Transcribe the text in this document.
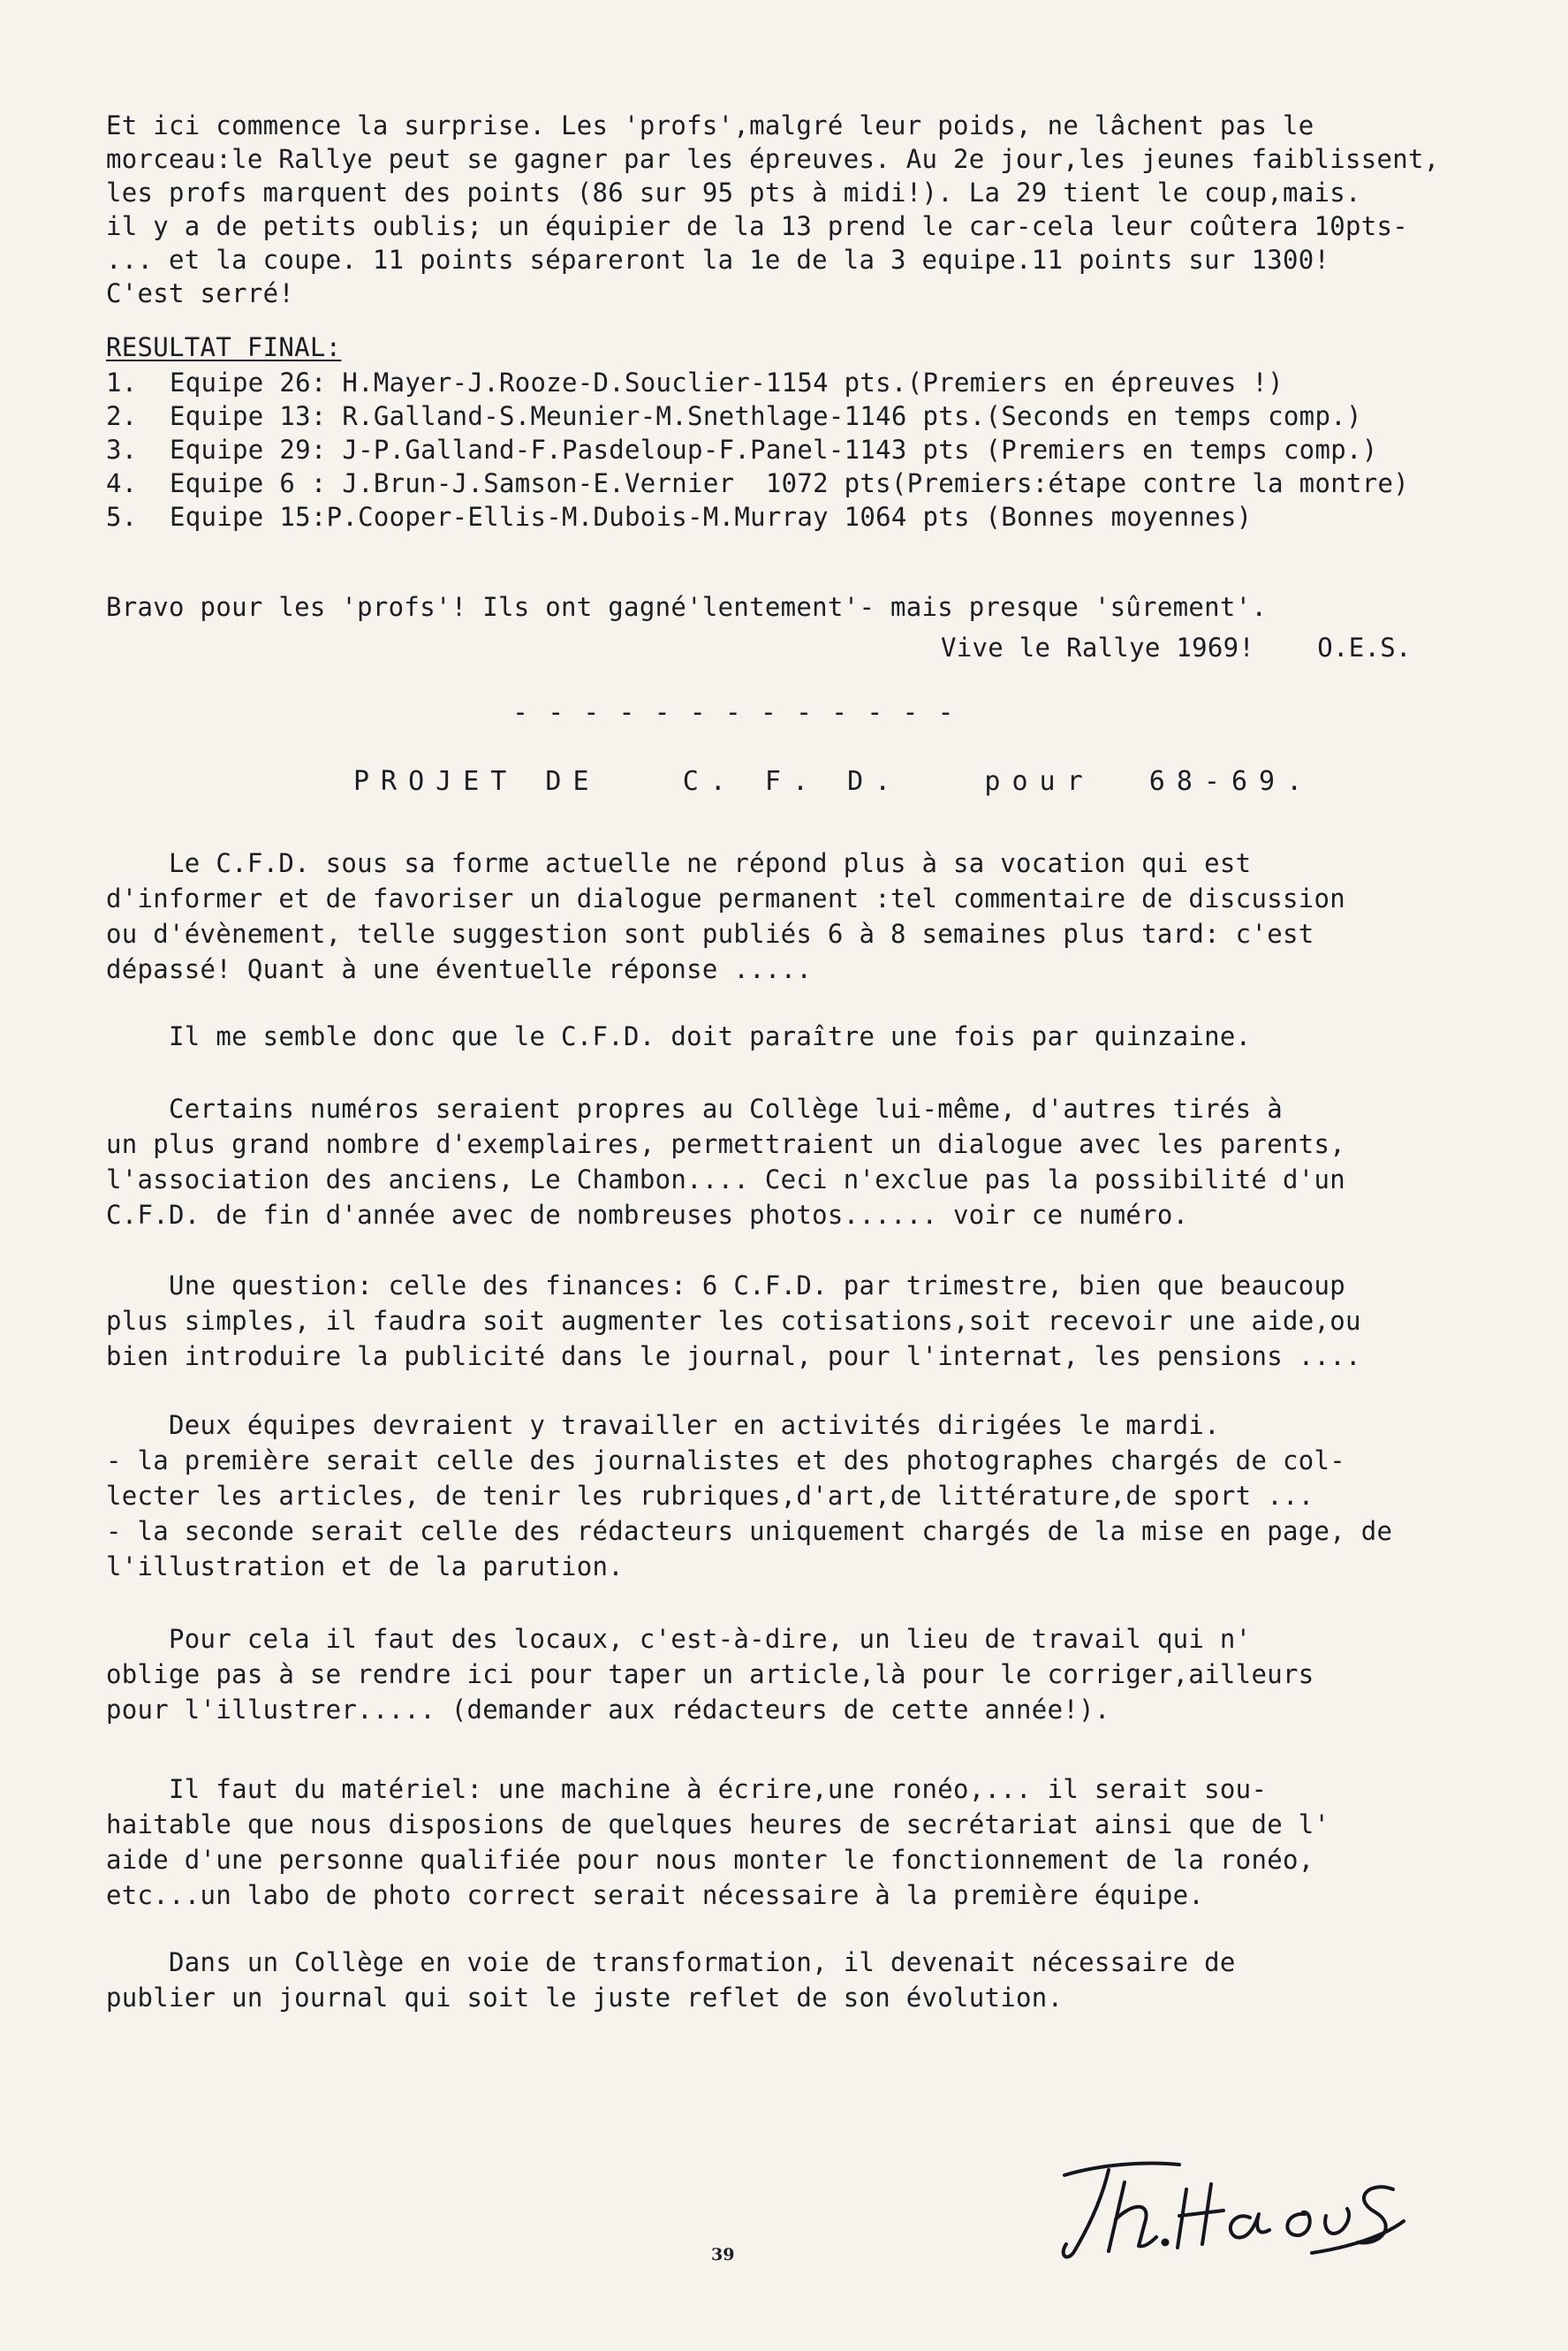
Et ici commence la surprise. Les 'profs',malgré leur poids, ne lâchent pas le
morceau:le Rallye peut se gagner par les épreuves. Au 2e jour,les jeunes faiblissent,
les profs marquent des points (86 sur 95 pts à midi!). La 29 tient le coup,mais.
il y a de petits oublis; un équipier de la 13 prend le car-cela leur coûtera 10pts-
... et la coupe. 11 points sépareront la 1e de la 3 equipe.11 points sur 1300!
C'est serré!
RESULTAT FINAL:
1. Equipe 26: H.Mayer-J.Rooze-D.Souclier-1154 pts.(Premiers en épreuves !)
2. Equipe 13: R.Galland-S.Meunier-M.Snethlage-1146 pts.(Seconds en temps comp.)
3. Equipe 29: J-P.Galland-F.Pasdeloup-F.Panel-1143 pts (Premiers en temps comp.)
4. Equipe 6 : J.Brun-J.Samson-E.Vernier  1072 pts(Premiers:étape contre la montre)
5. Equipe 15:P.Cooper-Ellis-M.Dubois-M.Murray 1064 pts (Bonnes moyennes)
Bravo pour les 'profs'! Ils ont gagné'lentement'- mais presque 'sûrement'.
Vive le Rallye 1969!    O.E.S.
- - - - - - - - - - - - -
PROJET DE   C. F. D.   pour  68-69.
Le C.F.D. sous sa forme actuelle ne répond plus à sa vocation qui est
d'informer et de favoriser un dialogue permanent :tel commentaire de discussion
ou d'évènement, telle suggestion sont publiés 6 à 8 semaines plus tard: c'est
dépassé! Quant à une éventuelle réponse .....
Il me semble donc que le C.F.D. doit paraître une fois par quinzaine.
Certains numéros seraient propres au Collège lui-même, d'autres tirés à
un plus grand nombre d'exemplaires, permettraient un dialogue avec les parents,
l'association des anciens, Le Chambon.... Ceci n'exclue pas la possibilité d'un
C.F.D. de fin d'année avec de nombreuses photos...... voir ce numéro.
Une question: celle des finances: 6 C.F.D. par trimestre, bien que beaucoup
plus simples, il faudra soit augmenter les cotisations,soit recevoir une aide,ou
bien introduire la publicité dans le journal, pour l'internat, les pensions ....
Deux équipes devraient y travailler en activités dirigées le mardi.
- la première serait celle des journalistes et des photographes chargés de col-
lecter les articles, de tenir les rubriques,d'art,de littérature,de sport ...
- la seconde serait celle des rédacteurs uniquement chargés de la mise en page, de
l'illustration et de la parution.
Pour cela il faut des locaux, c'est-à-dire, un lieu de travail qui n'
oblige pas à se rendre ici pour taper un article,là pour le corriger,ailleurs
pour l'illustrer..... (demander aux rédacteurs de cette année!).
Il faut du matériel: une machine à écrire,une ronéo,... il serait sou-
haitable que nous disposions de quelques heures de secrétariat ainsi que de l'
aide d'une personne qualifiée pour nous monter le fonctionnement de la ronéo,
etc...un labo de photo correct serait nécessaire à la première équipe.
Dans un Collège en voie de transformation, il devenait nécessaire de
publier un journal qui soit le juste reflet de son évolution.
39
